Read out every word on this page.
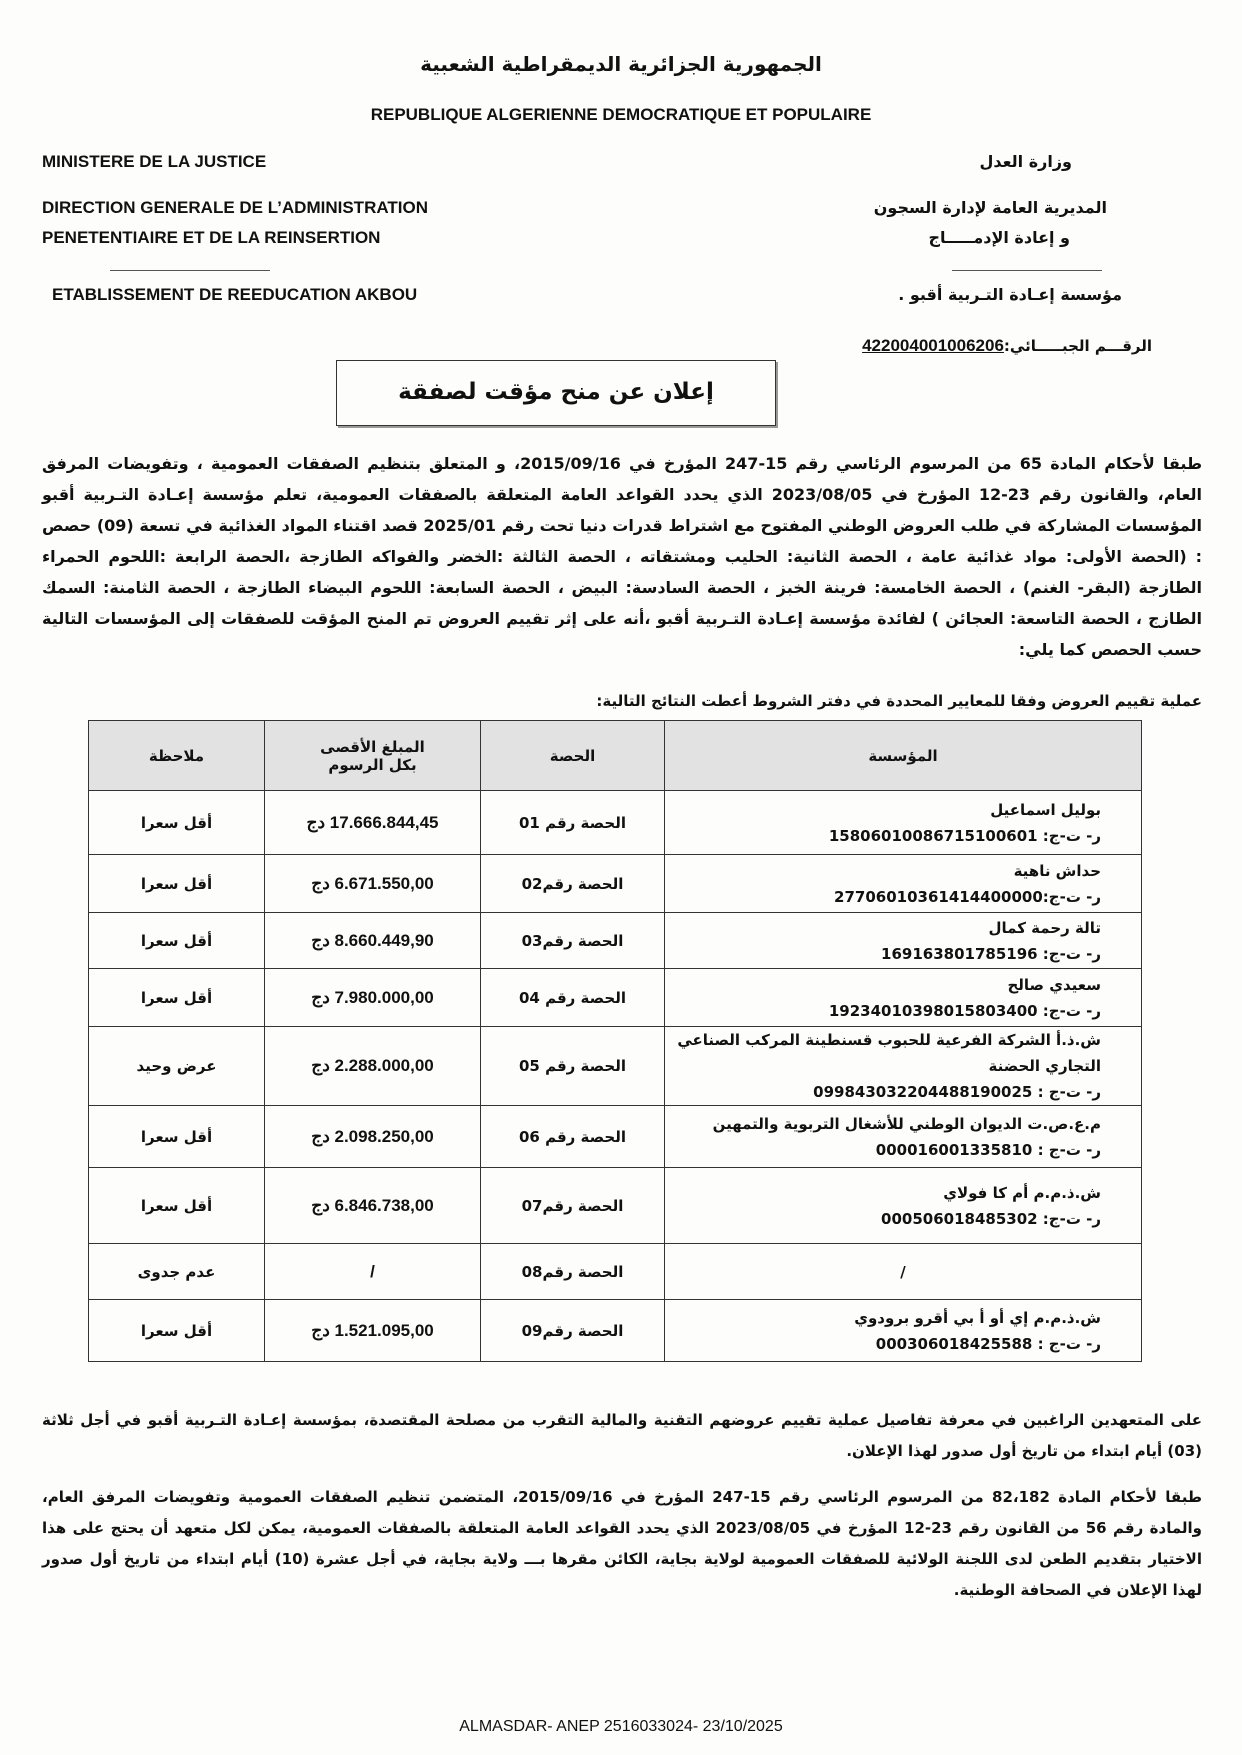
الجمهورية الجزائرية الديمقراطية الشعبية
REPUBLIQUE ALGERIENNE DEMOCRATIQUE ET POPULAIRE
MINISTERE DE LA JUSTICE
DIRECTION GENERALE DE L’ADMINISTRATION
PENETENTIAIRE ET DE LA REINSERTION
ETABLISSEMENT DE REEDUCATION AKBOU
وزارة العدل
المديرية العامة لإدارة السجون
و إعادة الإدمـــــاج
مؤسسة إعـادة التـربية أقبو .
الرقـــم الجبـــــائي:422004001006206
إعلان عن منح مؤقت لصفقة
طبقا لأحكام المادة 65 من المرسوم الرئاسي رقم 15-247 المؤرخ في 2015/09/16، و المتعلق بتنظيم الصفقات العمومية ، وتفويضات المرفق العام، والقانون رقم 23-12 المؤرخ في 2023/08/05 الذي يحدد القواعد العامة المتعلقة بالصفقات العمومية، تعلم مؤسسة إعـادة التـربية أقبو المؤسسات المشاركة في طلب العروض الوطني المفتوح مع اشتراط قدرات دنيا تحت رقم 2025/01 قصد اقتناء المواد الغذائية في تسعة (09) حصص : (الحصة الأولى: مواد غذائية عامة ، الحصة الثانية: الحليب ومشتقاته ، الحصة الثالثة :الخضر والفواكه الطازجة ،الحصة الرابعة :اللحوم الحمراء الطازجة (البقر- الغنم) ، الحصة الخامسة: فرينة الخبز ، الحصة السادسة: البيض ، الحصة السابعة: اللحوم البيضاء الطازجة ، الحصة الثامنة: السمك الطازج ، الحصة التاسعة: العجائن ) لفائدة مؤسسة إعـادة التـربية أقبو ،أنه على إثر تقييم العروض تم المنح المؤقت للصفقات إلى المؤسسات التالية حسب الحصص كما يلي:
عملية تقييم العروض وفقا للمعايير المحددة في دفتر الشروط أعطت النتائج التالية:
المؤسسة	الحصة	المبلغ الأقصى
بكل الرسوم	ملاحظة

بوليل اسماعيل
ر- ت-ج: 15806010086715100601	الحصة رقم 01	17.666.844,45 دج	أقل سعرا

حداش ناهية
ر- ت-ج:27706010361414400000	الحصة رقم02	6.671.550,00 دج	أقل سعرا

تالة رحمة كمال
ر- ت-ج: 169163801785196	الحصة رقم03	8.660.449,90 دج	أقل سعرا

سعيدي صالح
ر- ت-ج: 19234010398015803400	الحصة رقم 04	7.980.000,00 دج	أقل سعرا

ش.ذ.أ الشركة الفرعية للحبوب قسنطينة المركب الصناعي التجاري الحضنة
ر- ت-ج : 099843032204488190025	الحصة رقم 05	2.288.000,00 دج	عرض وحيد

م.ع.ص.ت الديوان الوطني للأشغال التربوية والتمهين
ر- ت-ج : 000016001335810	الحصة رقم 06	2.098.250,00 دج	أقل سعرا

ش.ذ.م.م أم كا فولاي
ر- ت-ج: 000506018485302	الحصة رقم07	6.846.738,00 دج	أقل سعرا

/	الحصة رقم08	/	عدم جدوى

ش.ذ.م.م إي أو أ بي أقرو برودوي
ر- ت-ج : 000306018425588	الحصة رقم09	1.521.095,00 دج	أقل سعرا
على المتعهدين الراغبين في معرفة تفاصيل عملية تقييم عروضهم التقنية والمالية التقرب من مصلحة المقتصدة، بمؤسسة إعـادة التـربية أقبو في أجل ثلاثة (03) أيام ابتداء من تاريخ أول صدور لهذا الإعلان.
طبقا لأحكام المادة 82،182 من المرسوم الرئاسي رقم 15-247 المؤرخ في 2015/09/16، المتضمن تنظيم الصفقات العمومية وتفويضات المرفق العام، والمادة رقم 56 من القانون رقم 23-12 المؤرخ في 2023/08/05 الذي يحدد القواعد العامة المتعلقة بالصفقات العمومية، يمكن لكل متعهد أن يحتج على هذا الاختيار بتقديم الطعن لدى اللجنة الولائية للصفقات العمومية لولاية بجاية، الكائن مقرها بـــ ولاية بجاية، في أجل عشرة (10) أيام ابتداء من تاريخ أول صدور لهذا الإعلان في الصحافة الوطنية.
ALMASDAR- ANEP 2516033024- 23/10/2025
